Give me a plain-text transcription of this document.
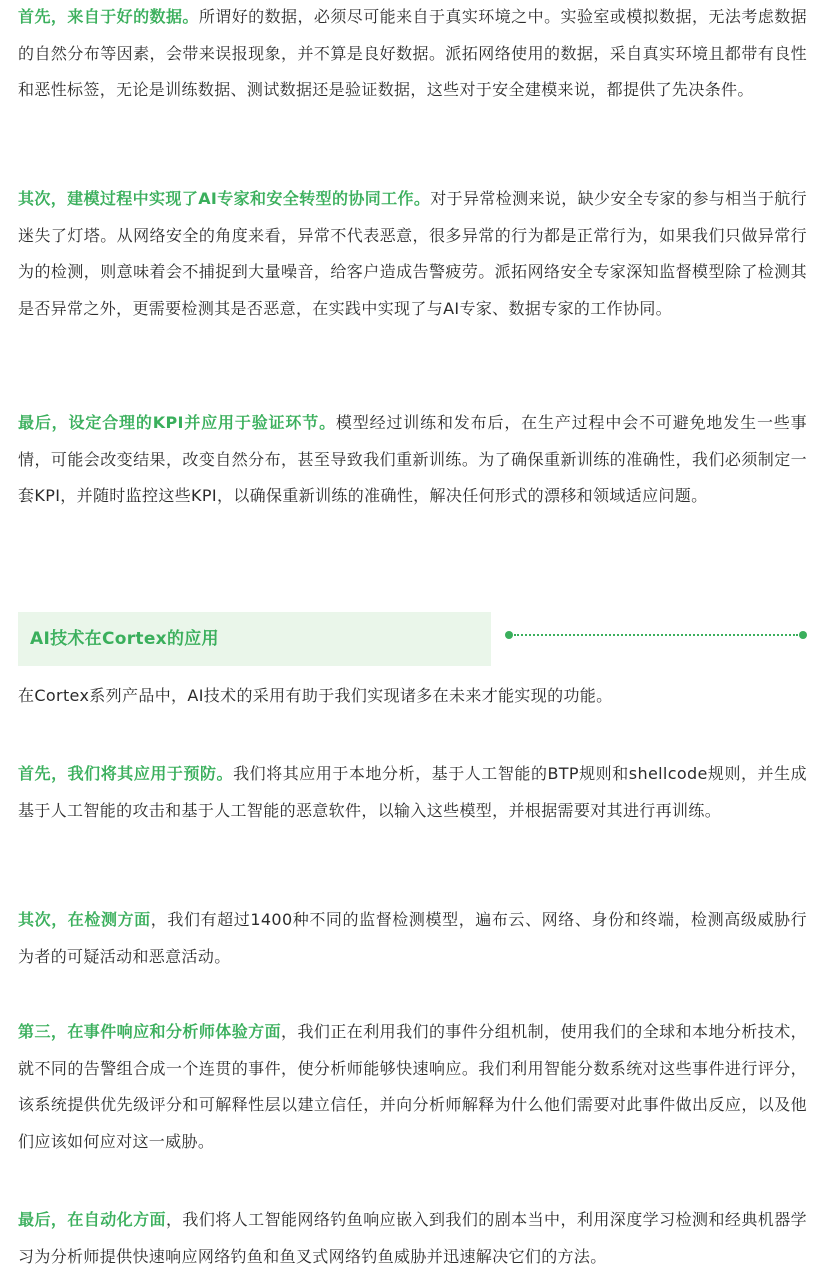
首先，来自于好的数据。所谓好的数据，必须尽可能来自于真实环境之中。实验室或模拟数据，无法考虑数据的自然分布等因素，会带来误报现象，并不算是良好数据。派拓网络使用的数据，采自真实环境且都带有良性和恶性标签，无论是训练数据、测试数据还是验证数据，这些对于安全建模来说，都提供了先决条件。

其次，建模过程中实现了AI专家和安全转型的协同工作。对于异常检测来说，缺少安全专家的参与相当于航行迷失了灯塔。从网络安全的角度来看，异常不代表恶意，很多异常的行为都是正常行为，如果我们只做异常行为的检测，则意味着会不捕捉到大量噪音，给客户造成告警疲劳。派拓网络安全专家深知监督模型除了检测其是否异常之外，更需要检测其是否恶意，在实践中实现了与AI专家、数据专家的工作协同。

最后，设定合理的KPI并应用于验证环节。模型经过训练和发布后，在生产过程中会不可避免地发生一些事情，可能会改变结果，改变自然分布，甚至导致我们重新训练。为了确保重新训练的准确性，我们必须制定一套KPI，并随时监控这些KPI，以确保重新训练的准确性，解决任何形式的漂移和领域适应问题。

AI技术在Cortex的应用

在Cortex系列产品中，AI技术的采用有助于我们实现诸多在未来才能实现的功能。

首先，我们将其应用于预防。我们将其应用于本地分析，基于人工智能的BTP规则和shellcode规则，并生成基于人工智能的攻击和基于人工智能的恶意软件，以输入这些模型，并根据需要对其进行再训练。

其次，在检测方面，我们有超过1400种不同的监督检测模型，遍布云、网络、身份和终端，检测高级威胁行为者的可疑活动和恶意活动。

第三，在事件响应和分析师体验方面，我们正在利用我们的事件分组机制，使用我们的全球和本地分析技术，就不同的告警组合成一个连贯的事件，使分析师能够快速响应。我们利用智能分数系统对这些事件进行评分，该系统提供优先级评分和可解释性层以建立信任，并向分析师解释为什么他们需要对此事件做出反应，以及他们应该如何应对这一威胁。

最后，在自动化方面，我们将人工智能网络钓鱼响应嵌入到我们的剧本当中，利用深度学习检测和经典机器学习为分析师提供快速响应网络钓鱼和鱼叉式网络钓鱼威胁并迅速解决它们的方法。
